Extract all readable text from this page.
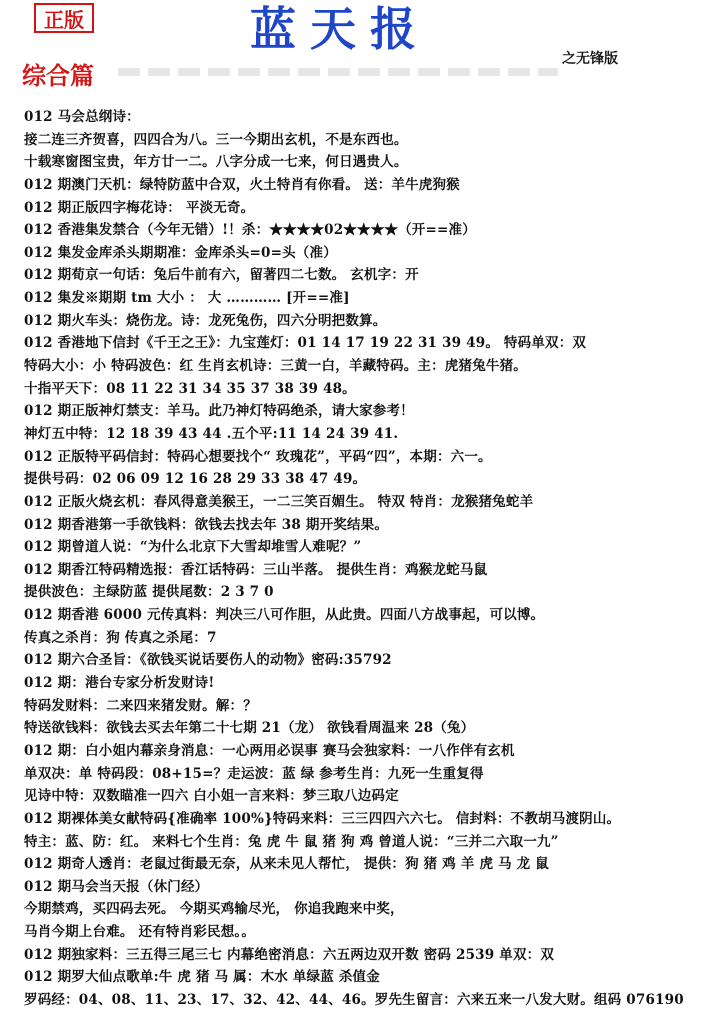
正版	蓝天报
之无锋版
综合篇
012 马会总纲诗：
接二连三齐贺喜，四四合为八。三一今期出玄机，不是东西也。
十载寒窗图宝贵，年方廿一二。八字分成一七来，何日遇贵人。
012 期澳门天机：绿特防蓝中合双，火土特肖有你看。 送：羊牛虎狗猴
012 期正版四字梅花诗： 平淡无奇。
012 香港集发禁合（今年无错）!！杀：★★★★02★★★★（开==准）
012 集发金库杀头期期准：金库杀头=0=头（准）
012 期荀京一句话：兔后牛前有六，留著四二七数。 玄机字：开
012 集发※期期 tm 大小 ： 大 ………… [开==准]
012 期火车头：烧伤龙。诗：龙死兔伤，四六分明把数算。
012 香港地下信封《千王之王》：九宝莲灯：01 14 17 19 22 31 39 49。 特码单双：双
特码大小：小 特码波色：红 生肖玄机诗：三黄一白，羊藏特码。主：虎猪兔牛猪。
十指平天下：08 11 22 31 34 35 37 38 39 48。
012 期正版神灯禁支：羊马。此乃神灯特码绝杀，请大家参考！
神灯五中特：12 18 39 43 44 .五个平:11 14 24 39 41.
012 正版特平码信封：特码心想要找个“ 玫瑰花”，平码“四”，本期：六一。
提供号码：02 06 09 12 16 28 29 33 38 47 49。
012 正版火烧玄机：春风得意美猴王，一二三笑百媚生。 特双 特肖：龙猴猪兔蛇羊
012 期香港第一手欲钱料：欲钱去找去年 38 期开奖结果。
012 期曾道人说：“为什么北京下大雪却堆雪人难呢？”
012 期香江特码精选报：香江话特码：三山半落。 提供生肖：鸡猴龙蛇马鼠
提供波色：主绿防蓝 提供尾数：2 3 7 0
012 期香港 6000 元传真料：判决三八可作胆，从此贵。四面八方战事起，可以博。
传真之杀肖：狗 传真之杀尾：7
012 期六合圣旨：《欲钱买说话要伤人的动物》密码:35792
012 期：港台专家分析发财诗!
特码发财料：二来四来猪发财。解：？
特送欲钱料：欲钱去买去年第二十七期 21（龙） 欲钱看周温来 28（兔）
012 期：白小姐内幕亲身消息：一心两用必误事 赛马会独家料：一八作伴有玄机
单双决：单 特码段：08+15=？走运波：蓝 绿 参考生肖：九死一生重复得
见诗中特：双数瞄准一四六 白小姐一言来料：梦三取八边码定
012 期裸体美女献特码{准确率 100%}特码来料：三三四四六六七。 信封料：不教胡马渡阴山。
特主：蓝、防：红。 来料七个生肖：兔 虎 牛 鼠 猪 狗 鸡 曾道人说：“三并二六取一九”
012 期奇人透肖：老鼠过街最无奈，从来未见人帮忙， 提供：狗 猪 鸡 羊 虎 马 龙 鼠
012 期马会当天报（休门经）
今期禁鸡，买四码去死。 今期买鸡输尽光， 你追我跑来中奖，
马肖今期上台难。 还有特肖彩民想。。
012 期独家料：三五得三尾三七 内幕绝密消息：六五两边双开数 密码 2539 单双：双
012 期罗大仙点歌单:牛 虎 猪 马 属：木水 单绿蓝 杀值金
罗码经：04、08、11、23、17、32、42、44、46。罗先生留言：六来五来一八发大财。组码 076190
